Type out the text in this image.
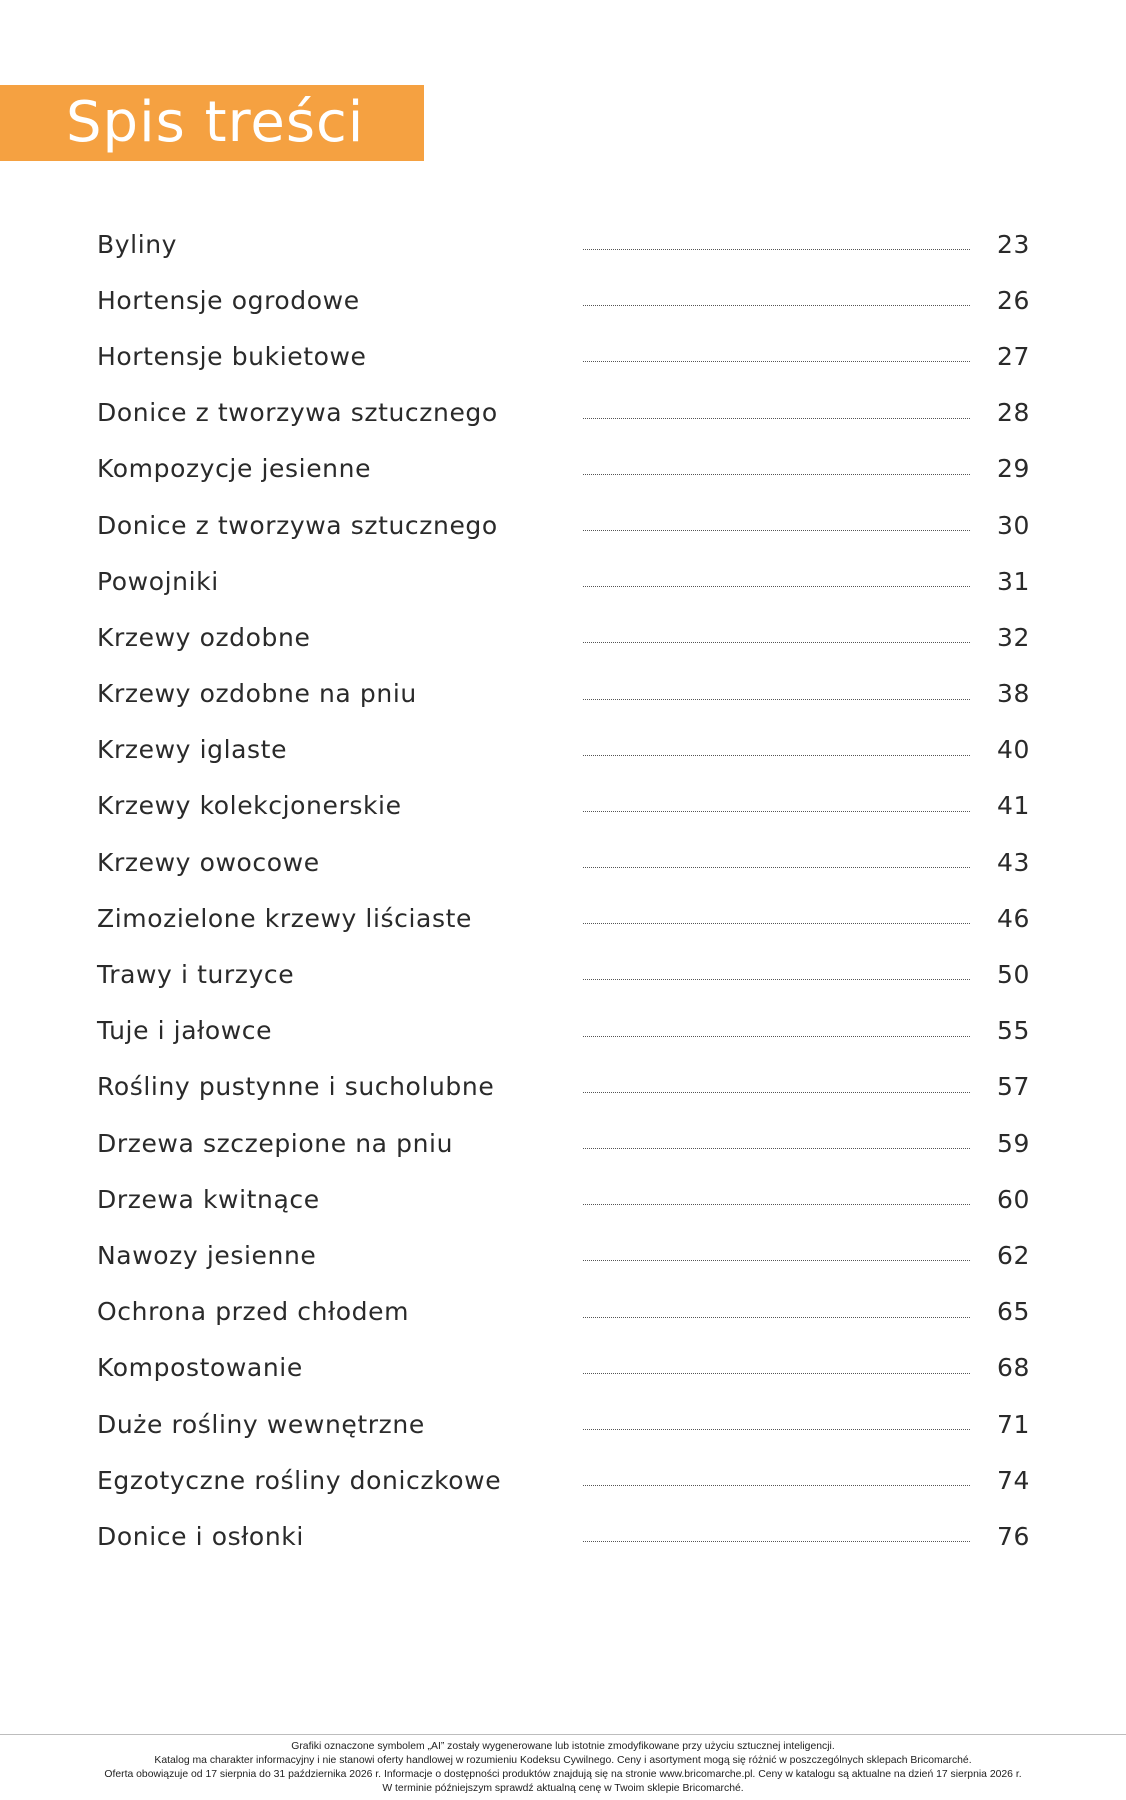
Spis treści
Byliny	23
Hortensje ogrodowe	26
Hortensje bukietowe	27
Donice z tworzywa sztucznego	28
Kompozycje jesienne	29
Donice z tworzywa sztucznego	30
Powojniki	31
Krzewy ozdobne	32
Krzewy ozdobne na pniu	38
Krzewy iglaste	40
Krzewy kolekcjonerskie	41
Krzewy owocowe	43
Zimozielone krzewy liściaste	46
Trawy i turzyce	50
Tuje i jałowce	55
Rośliny pustynne i sucholubne	57
Drzewa szczepione na pniu	59
Drzewa kwitnące	60
Nawozy jesienne	62
Ochrona przed chłodem	65
Kompostowanie	68
Duże rośliny wewnętrzne	71
Egzotyczne rośliny doniczkowe	74
Donice i osłonki	76
Grafiki oznaczone symbolem „AI” zostały wygenerowane lub istotnie zmodyfikowane przy użyciu sztucznej inteligencji.
Katalog ma charakter informacyjny i nie stanowi oferty handlowej w rozumieniu Kodeksu Cywilnego. Ceny i asortyment mogą się różnić w poszczególnych sklepach Bricomarché.
Oferta obowiązuje od 17 sierpnia do 31 października 2026 r. Informacje o dostępności produktów znajdują się na stronie www.bricomarche.pl. Ceny w katalogu są aktualne na dzień 17 sierpnia 2026 r.
W terminie późniejszym sprawdź aktualną cenę w Twoim sklepie Bricomarché.
